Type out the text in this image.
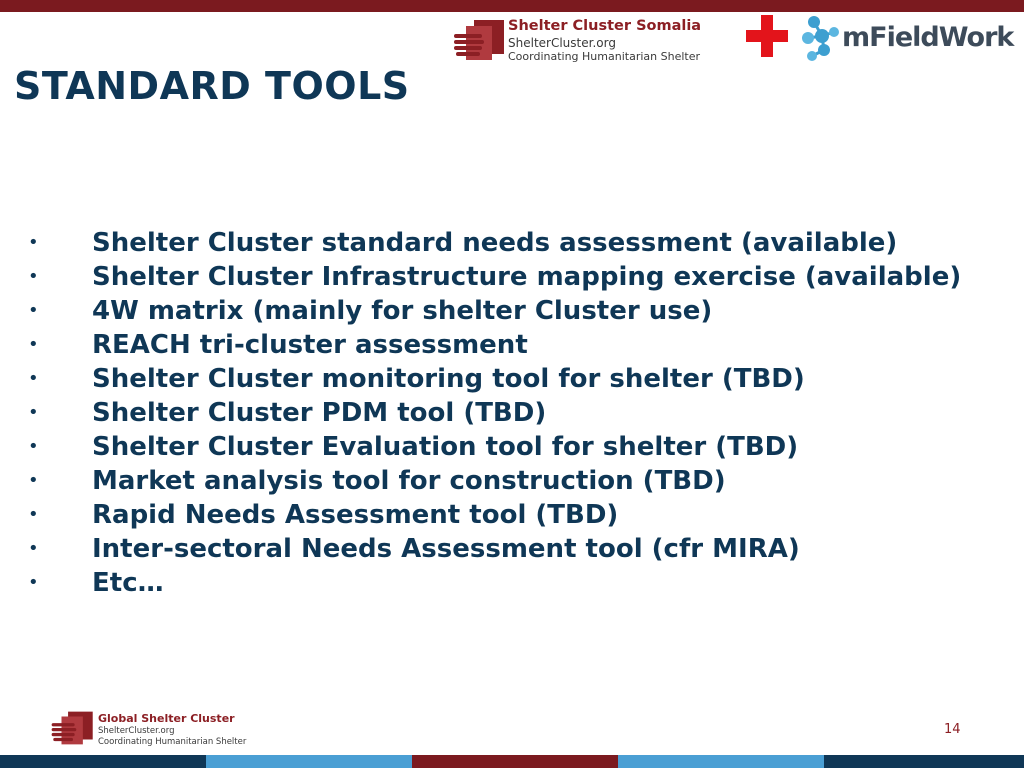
Shelter Cluster Somalia
ShelterCluster.org
Coordinating Humanitarian Shelter
mFieldWork
STANDARD TOOLS
• Shelter Cluster standard needs assessment (available)
• Shelter Cluster Infrastructure mapping exercise (available)
• 4W matrix (mainly for shelter Cluster use)
• REACH tri-cluster assessment
• Shelter Cluster monitoring tool for shelter (TBD)
• Shelter Cluster PDM tool (TBD)
• Shelter Cluster Evaluation tool for shelter (TBD)
• Market analysis tool for construction (TBD)
• Rapid Needs Assessment tool (TBD)
• Inter-sectoral Needs Assessment tool (cfr MIRA)
• Etc…
Global Shelter Cluster
ShelterCluster.org
Coordinating Humanitarian Shelter
14
